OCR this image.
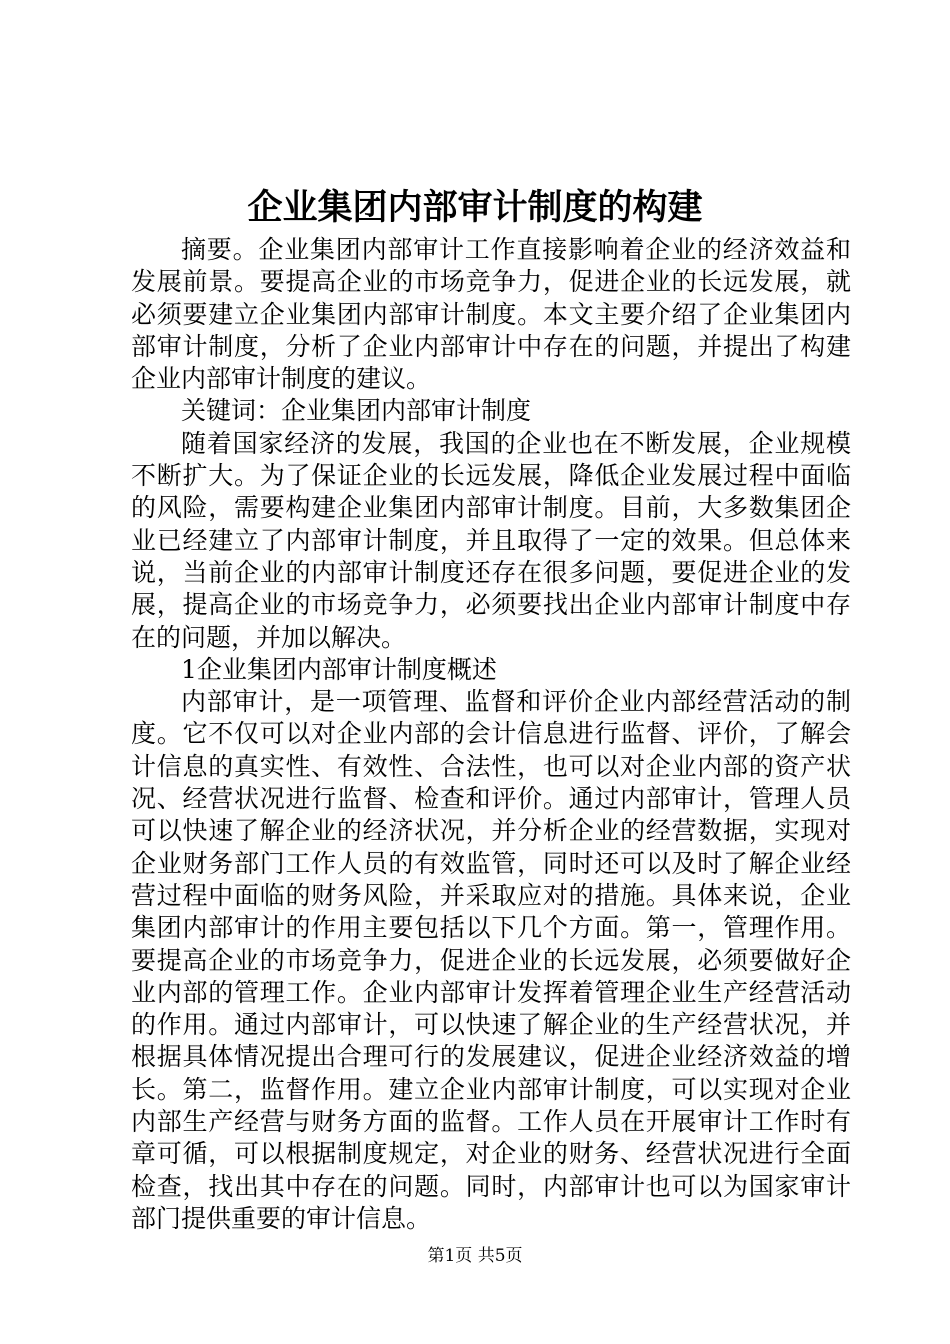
企业集团内部审计制度的构建

摘要。企业集团内部审计工作直接影响着企业的经济效益和发展前景。要提高企业的市场竞争力，促进企业的长远发展，就必须要建立企业集团内部审计制度。本文主要介绍了企业集团内部审计制度，分析了企业内部审计中存在的问题，并提出了构建企业内部审计制度的建议。

关键词：企业集团内部审计制度

随着国家经济的发展，我国的企业也在不断发展，企业规模不断扩大。为了保证企业的长远发展，降低企业发展过程中面临的风险，需要构建企业集团内部审计制度。目前，大多数集团企业已经建立了内部审计制度，并且取得了一定的效果。但总体来说，当前企业的内部审计制度还存在很多问题，要促进企业的发展，提高企业的市场竞争力，必须要找出企业内部审计制度中存在的问题，并加以解决。

1企业集团内部审计制度概述

内部审计，是一项管理、监督和评价企业内部经营活动的制度。它不仅可以对企业内部的会计信息进行监督、评价，了解会计信息的真实性、有效性、合法性，也可以对企业内部的资产状况、经营状况进行监督、检查和评价。通过内部审计，管理人员可以快速了解企业的经济状况，并分析企业的经营数据，实现对企业财务部门工作人员的有效监管，同时还可以及时了解企业经营过程中面临的财务风险，并采取应对的措施。具体来说，企业集团内部审计的作用主要包括以下几个方面。第一，管理作用。要提高企业的市场竞争力，促进企业的长远发展，必须要做好企业内部的管理工作。企业内部审计发挥着管理企业生产经营活动的作用。通过内部审计，可以快速了解企业的生产经营状况，并根据具体情况提出合理可行的发展建议，促进企业经济效益的增长。第二，监督作用。建立企业内部审计制度，可以实现对企业内部生产经营与财务方面的监督。工作人员在开展审计工作时有章可循，可以根据制度规定，对企业的财务、经营状况进行全面检查，找出其中存在的问题。同时，内部审计也可以为国家审计部门提供重要的审计信息。

第1页 共5页
